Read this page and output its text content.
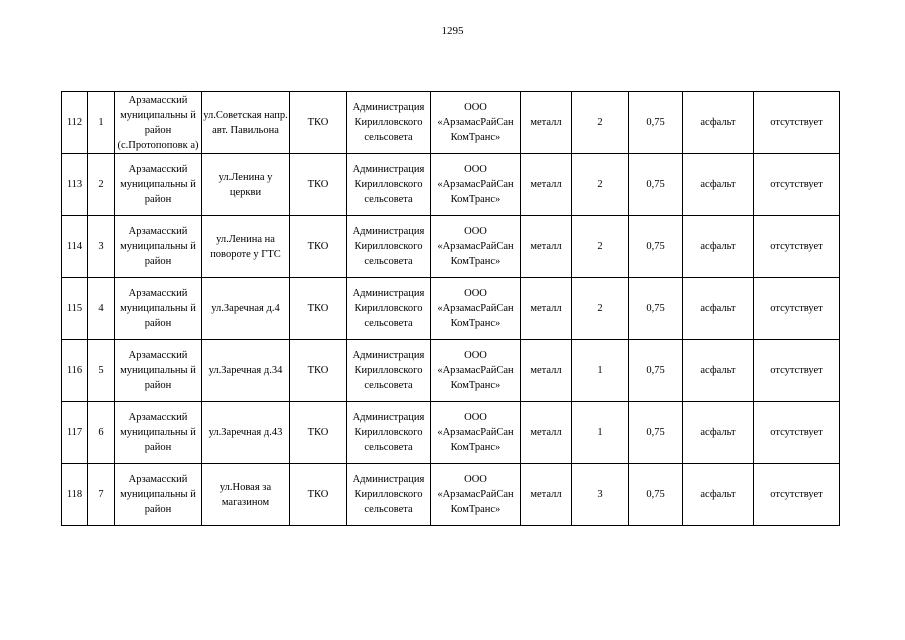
1295
112	1	Арзамасский муниципальны й район (с.Протопоповк а)	ул.Советская напр. авт. Павильона	ТКО	Администрация Кирилловского сельсовета	ООО «АрзамасРайСан КомТранс»	металл	2	0,75	асфальт	отсутствует
113	2	Арзамасский муниципальны й район	ул.Ленина у церкви	ТКО	Администрация Кирилловского сельсовета	ООО «АрзамасРайСан КомТранс»	металл	2	0,75	асфальт	отсутствует
114	3	Арзамасский муниципальны й район	ул.Ленина на повороте у ГТС	ТКО	Администрация Кирилловского сельсовета	ООО «АрзамасРайСан КомТранс»	металл	2	0,75	асфальт	отсутствует
115	4	Арзамасский муниципальны й район	ул.Заречная д.4	ТКО	Администрация Кирилловского сельсовета	ООО «АрзамасРайСан КомТранс»	металл	2	0,75	асфальт	отсутствует
116	5	Арзамасский муниципальны й район	ул.Заречная д.34	ТКО	Администрация Кирилловского сельсовета	ООО «АрзамасРайСан КомТранс»	металл	1	0,75	асфальт	отсутствует
117	6	Арзамасский муниципальны й район	ул.Заречная д.43	ТКО	Администрация Кирилловского сельсовета	ООО «АрзамасРайСан КомТранс»	металл	1	0,75	асфальт	отсутствует
118	7	Арзамасский муниципальны й район	ул.Новая за магазином	ТКО	Администрация Кирилловского сельсовета	ООО «АрзамасРайСан КомТранс»	металл	3	0,75	асфальт	отсутствует
